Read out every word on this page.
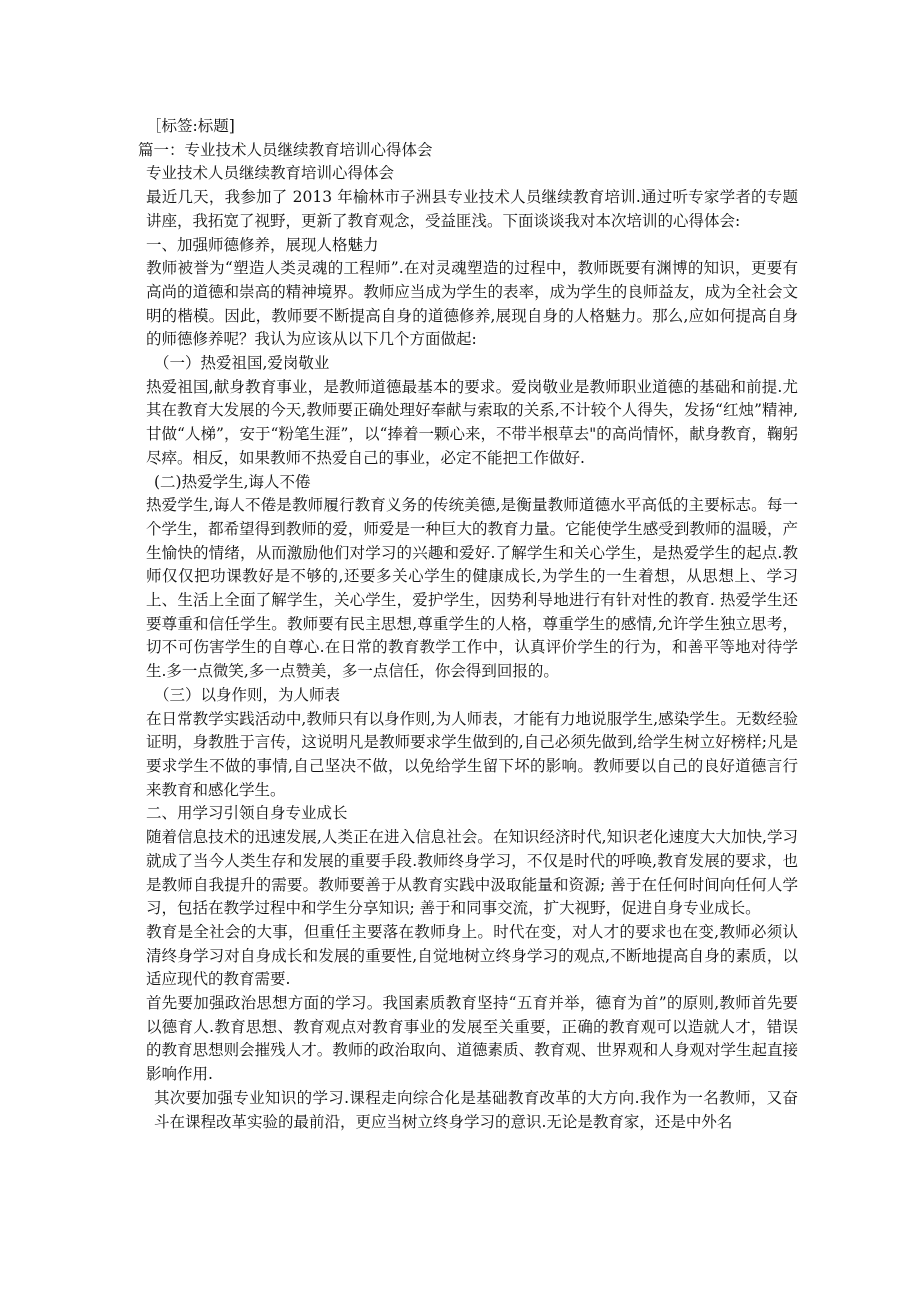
［标签:标题]

篇一：专业技术人员继续教育培训心得体会

专业技术人员继续教育培训心得体会

最近几天，我参加了 2013 年榆林市子洲县专业技术人员继续教育培训.通过听专家学者的专题讲座，我拓宽了视野，更新了教育观念，受益匪浅。下面谈谈我对本次培训的心得体会:

一、加强师德修养，展现人格魅力

教师被誉为“塑造人类灵魂的工程师”.在对灵魂塑造的过程中，教师既要有渊博的知识，更要有高尚的道德和崇高的精神境界。教师应当成为学生的表率，成为学生的良师益友，成为全社会文明的楷模。因此，教师要不断提高自身的道德修养,展现自身的人格魅力。那么,应如何提高自身的师德修养呢？我认为应该从以下几个方面做起:

（一）热爱祖国,爱岗敬业

热爱祖国,献身教育事业，是教师道德最基本的要求。爱岗敬业是教师职业道德的基础和前提.尤其在教育大发展的今天,教师要正确处理好奉献与索取的关系,不计较个人得失，发扬“红烛”精神,甘做“人梯”，安于“粉笔生涯”，以“捧着一颗心来，不带半根草去"的高尚情怀，献身教育，鞠躬尽瘁。相反，如果教师不热爱自己的事业，必定不能把工作做好.

(二)热爱学生,诲人不倦

热爱学生,诲人不倦是教师履行教育义务的传统美德,是衡量教师道德水平高低的主要标志。每一个学生，都希望得到教师的爱，师爱是一种巨大的教育力量。它能使学生感受到教师的温暖，产生愉快的情绪，从而激励他们对学习的兴趣和爱好.了解学生和关心学生，是热爱学生的起点.教师仅仅把功课教好是不够的,还要多关心学生的健康成长,为学生的一生着想，从思想上、学习上、生活上全面了解学生，关心学生，爱护学生，因势利导地进行有针对性的教育. 热爱学生还要尊重和信任学生。教师要有民主思想,尊重学生的人格，尊重学生的感情,允许学生独立思考，切不可伤害学生的自尊心.在日常的教育教学工作中，认真评价学生的行为，和善平等地对待学生.多一点微笑,多一点赞美，多一点信任，你会得到回报的。

（三）以身作则，为人师表

在日常教学实践活动中,教师只有以身作则,为人师表，才能有力地说服学生,感染学生。无数经验证明，身教胜于言传，这说明凡是教师要求学生做到的,自己必须先做到,给学生树立好榜样;凡是要求学生不做的事情,自己坚决不做，以免给学生留下坏的影响。教师要以自己的良好道德言行来教育和感化学生。

二、用学习引领自身专业成长

随着信息技术的迅速发展,人类正在进入信息社会。在知识经济时代,知识老化速度大大加快,学习就成了当今人类生存和发展的重要手段.教师终身学习，不仅是时代的呼唤,教育发展的要求，也是教师自我提升的需要。教师要善于从教育实践中汲取能量和资源; 善于在任何时间向任何人学习，包括在教学过程中和学生分享知识; 善于和同事交流，扩大视野，促进自身专业成长。

教育是全社会的大事，但重任主要落在教师身上。时代在变，对人才的要求也在变,教师必须认清终身学习对自身成长和发展的重要性,自觉地树立终身学习的观点,不断地提高自身的素质，以适应现代的教育需要.

首先要加强政治思想方面的学习。我国素质教育坚持“五育并举，德育为首”的原则,教师首先要以德育人.教育思想、教育观点对教育事业的发展至关重要，正确的教育观可以造就人才，错误的教育思想则会摧残人才。教师的政治取向、道德素质、教育观、世界观和人身观对学生起直接影响作用.

其次要加强专业知识的学习.课程走向综合化是基础教育改革的大方向.我作为一名教师，又奋斗在课程改革实验的最前沿，更应当树立终身学习的意识.无论是教育家，还是中外名
